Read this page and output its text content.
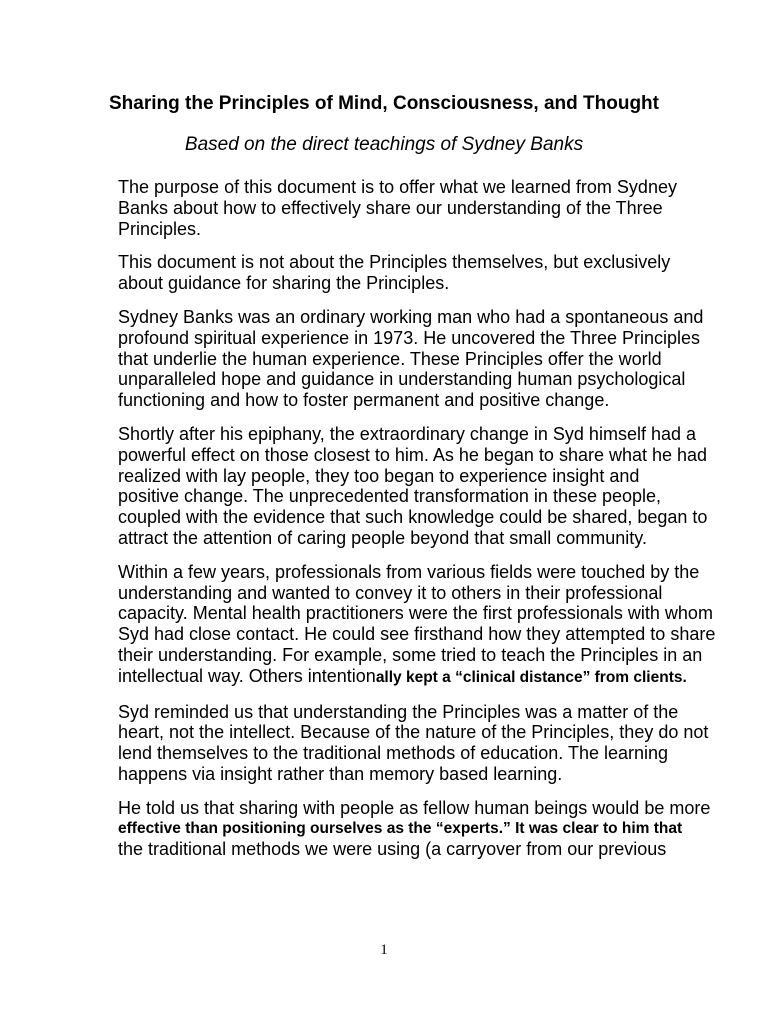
Sharing the Principles of Mind, Consciousness, and Thought
Based on the direct teachings of Sydney Banks

The purpose of this document is to offer what we learned from Sydney
Banks about how to effectively share our understanding of the Three
Principles.

This document is not about the Principles themselves, but exclusively
about guidance for sharing the Principles.

Sydney Banks was an ordinary working man who had a spontaneous and
profound spiritual experience in 1973. He uncovered the Three Principles
that underlie the human experience. These Principles offer the world
unparalleled hope and guidance in understanding human psychological
functioning and how to foster permanent and positive change.

Shortly after his epiphany, the extraordinary change in Syd himself had a
powerful effect on those closest to him. As he began to share what he had
realized with lay people, they too began to experience insight and
positive change. The unprecedented transformation in these people,
coupled with the evidence that such knowledge could be shared, began to
attract the attention of caring people beyond that small community.

Within a few years, professionals from various fields were touched by the
understanding and wanted to convey it to others in their professional
capacity. Mental health practitioners were the first professionals with whom
Syd had close contact. He could see firsthand how they attempted to share
their understanding. For example, some tried to teach the Principles in an
intellectual way. Others intentionally kept a “clinical distance” from clients.

Syd reminded us that understanding the Principles was a matter of the
heart, not the intellect. Because of the nature of the Principles, they do not
lend themselves to the traditional methods of education. The learning
happens via insight rather than memory based learning.

He told us that sharing with people as fellow human beings would be more
effective than positioning ourselves as the “experts.” It was clear to him that
the traditional methods we were using (a carryover from our previous

1
